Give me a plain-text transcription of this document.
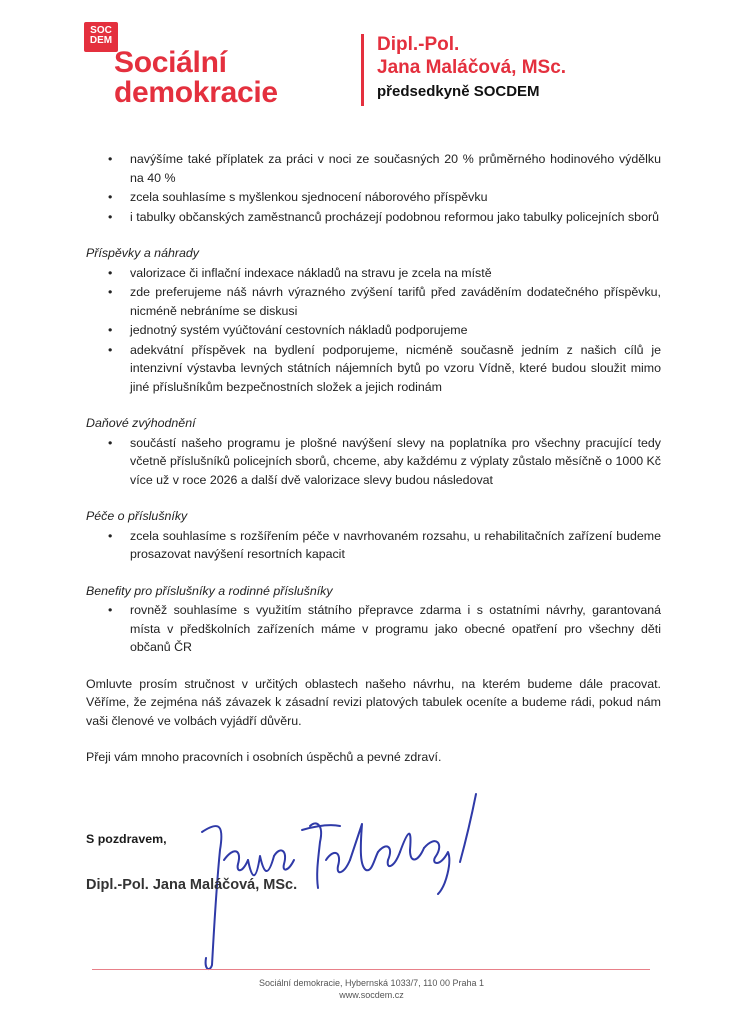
SOC
DEM
Sociální
demokracie
Dipl.-Pol.
Jana Maláčová, MSc.
předsedkyně SOCDEM
• navýšíme také příplatek za práci v noci ze současných 20 % průměrného hodinového výdělku na 40 %
• zcela souhlasíme s myšlenkou sjednocení náborového příspěvku
• i tabulky občanských zaměstnanců procházejí podobnou reformou jako tabulky policejních sborů
Příspěvky a náhrady
• valorizace či inflační indexace nákladů na stravu je zcela na místě
• zde preferujeme náš návrh výrazného zvýšení tarifů před zaváděním dodatečného příspěvku, nicméně nebráníme se diskusi
• jednotný systém vyúčtování cestovních nákladů podporujeme
• adekvátní příspěvek na bydlení podporujeme, nicméně současně jedním z našich cílů je intenzivní výstavba levných státních nájemních bytů po vzoru Vídně, které budou sloužit mimo jiné příslušníkům bezpečnostních složek a jejich rodinám
Daňové zvýhodnění
• součástí našeho programu je plošné navýšení slevy na poplatníka pro všechny pracující tedy včetně příslušníků policejních sborů, chceme, aby každému z výplaty zůstalo měsíčně o 1000 Kč více už v roce 2026 a další dvě valorizace slevy budou následovat
Péče o příslušníky
• zcela souhlasíme s rozšířením péče v navrhovaném rozsahu, u rehabilitačních zařízení budeme prosazovat navýšení resortních kapacit
Benefity pro příslušníky a rodinné příslušníky
• rovněž souhlasíme s využitím státního přepravce zdarma i s ostatními návrhy, garantovaná místa v předškolních zařízeních máme v programu jako obecné opatření pro všechny děti občanů ČR

Omluvte prosím stručnost v určitých oblastech našeho návrhu, na kterém budeme dále pracovat. Věříme, že zejména náš závazek k zásadní revizi platových tabulek oceníte a budeme rádi, pokud nám vaši členové ve volbách vyjádří důvěru.

Přeji vám mnoho pracovních i osobních úspěchů a pevné zdraví.

S pozdravem,
Dipl.-Pol. Jana Maláčová, MSc.
Sociální demokracie, Hybernská 1033/7, 110 00 Praha 1
www.socdem.cz
